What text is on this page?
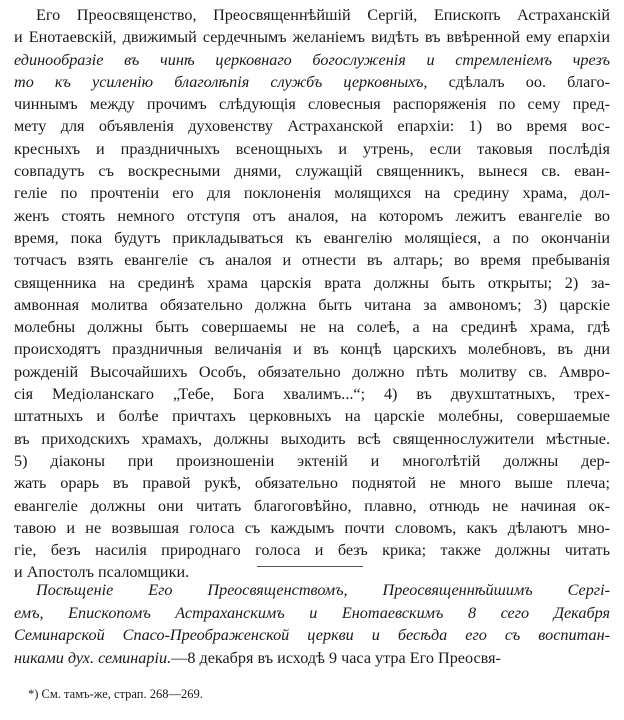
Его Преосвященство, Преосвященнѣйшiй Сергiй, Епископъ Астраханскiй
и Енотаевскiй, движимый сердечнымъ желанiемъ видѣть въ ввѣренной ему епархiи
единообразiе въ чинѣ церковнаго богослуженiя и стремленiемъ чрезъ
то къ усиленiю благолѣпiя службъ церковныхъ, сдѣлалъ оо. благо-
чиннымъ между прочимъ слѣдующiя словесныя распоряженiя по сему пред-
мету для объявленiя духовенству Астраханской епархiи: 1) во время вос-
кресныхъ и праздничныхъ всенощныхъ и утрень, если таковыя послѣдiя
совпадутъ съ воскресными днями, служащiй священникъ, вынеся св. еван-
гелiе по прочтенiи его для поклоненiя молящихся на средину храма, дол-
женъ стоять немного отступя отъ аналоя, на которомъ лежитъ евангелiе во
время, пока будутъ прикладываться къ евангелiю молящiеся, а по окончанiи
тотчасъ взять евангелiе съ аналоя и отнести въ алтарь; во время пребыванiя
священника на срединѣ храма царскiя врата должны быть открыты; 2) за-
амвонная молитва обязательно должна быть читана за амвономъ; 3) царскiе
молебны должны быть совершаемы не на солеѣ, а на срединѣ храма, гдѣ
происходятъ праздничныя величанiя и въ концѣ царскихъ молебновъ, въ дни
рожденiй Высочайшихъ Особъ, обязательно должно пѣть молитву св. Амвро-
сiя Медiоланскаго „Тебе, Бога хвалимъ...“; 4) въ двухштатныхъ, трех-
штатныхъ и болѣе причтахъ церковныхъ на царскiе молебны, совершаемые
въ приходскихъ храмахъ, должны выходить всѣ священнослужители мѣстные.
5) дiаконы при произношенiи эктенiй и многолѣтiй должны дер-
жать орарь въ правой рукѣ, обязательно поднятой не много выше плеча;
евангелiе должны они читать благоговѣйно, плавно, отнюдь не начиная ок-
тавою и не возвышая голоса съ каждымъ почти словомъ, какъ дѣлаютъ мно-
гiе, безъ насилiя природнаго голоса и безъ крика; также должны читать
и Апостолъ псаломщики.
Посѣщенiе Его Преосвященствомъ, Преосвященнѣйшимъ Сергi-
емъ, Епископомъ Астраханскимъ и Енотаевскимъ 8 сего Декабря
Семинарской Спасо-Преображенской церкви и бесѣда его съ воспитан-
никами дух. семинарiи.—8 декабря въ исходѣ 9 часа утра Его Преосвя-
*) См. тамъ-же, страп. 268—269.
